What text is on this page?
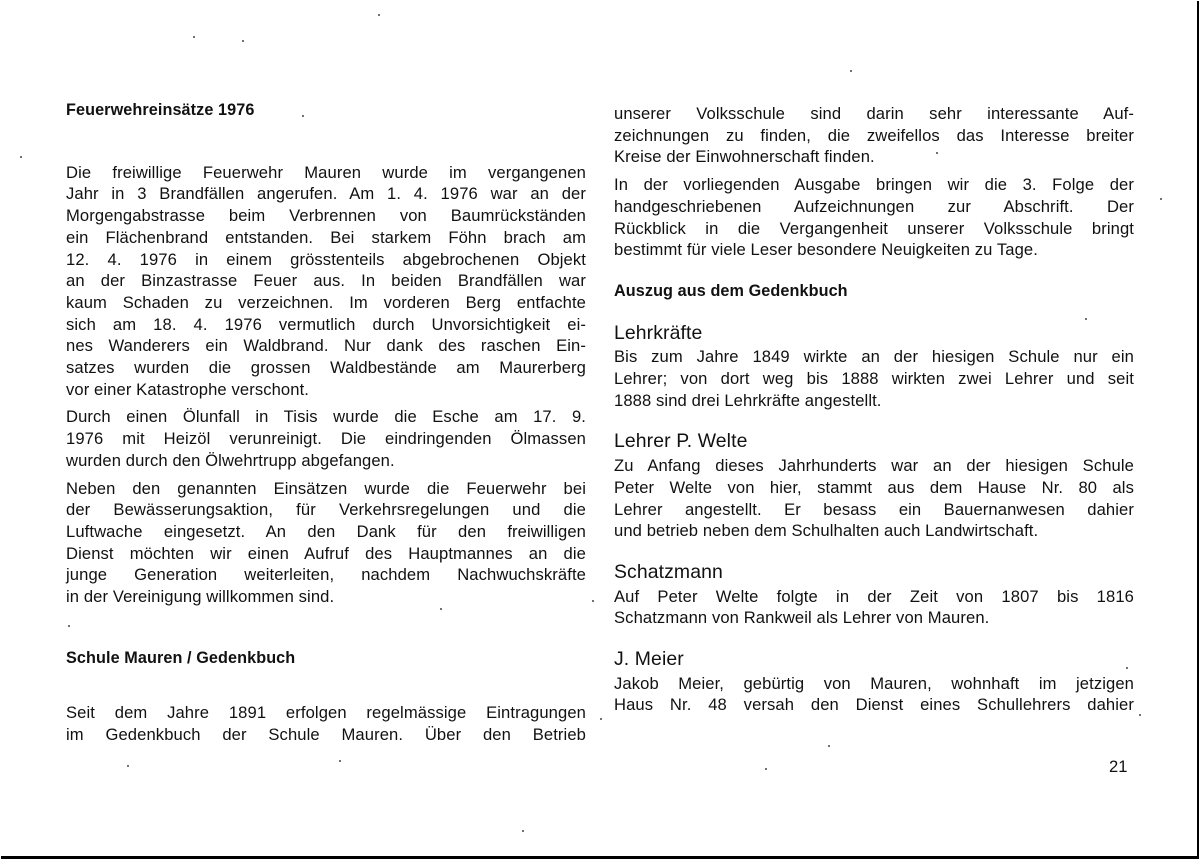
Feuerwehreinsätze 1976

Die freiwillige Feuerwehr Mauren wurde im vergangenen
Jahr in 3 Brandfällen angerufen. Am 1. 4. 1976 war an der
Morgengabstrasse beim Verbrennen von Baumrückständen
ein Flächenbrand entstanden. Bei starkem Föhn brach am
12. 4. 1976 in einem grösstenteils abgebrochenen Objekt
an der Binzastrasse Feuer aus. In beiden Brandfällen war
kaum Schaden zu verzeichnen. Im vorderen Berg entfachte
sich am 18. 4. 1976 vermutlich durch Unvorsichtigkeit ei-
nes Wanderers ein Waldbrand. Nur dank des raschen Ein-
satzes wurden die grossen Waldbestände am Maurerberg
vor einer Katastrophe verschont.

Durch einen Ölunfall in Tisis wurde die Esche am 17. 9.
1976 mit Heizöl verunreinigt. Die eindringenden Ölmassen
wurden durch den Ölwehrtrupp abgefangen.

Neben den genannten Einsätzen wurde die Feuerwehr bei
der Bewässerungsaktion, für Verkehrsregelungen und die
Luftwache eingesetzt. An den Dank für den freiwilligen
Dienst möchten wir einen Aufruf des Hauptmannes an die
junge Generation weiterleiten, nachdem Nachwuchskräfte
in der Vereinigung willkommen sind.

Schule Mauren / Gedenkbuch

Seit dem Jahre 1891 erfolgen regelmässige Eintragungen
im Gedenkbuch der Schule Mauren. Über den Betrieb

unserer Volksschule sind darin sehr interessante Auf-
zeichnungen zu finden, die zweifellos das Interesse breiter
Kreise der Einwohnerschaft finden.

In der vorliegenden Ausgabe bringen wir die 3. Folge der
handgeschriebenen Aufzeichnungen zur Abschrift. Der
Rückblick in die Vergangenheit unserer Volksschule bringt
bestimmt für viele Leser besondere Neuigkeiten zu Tage.

Auszug aus dem Gedenkbuch
Lehrkräfte

Bis zum Jahre 1849 wirkte an der hiesigen Schule nur ein
Lehrer; von dort weg bis 1888 wirkten zwei Lehrer und seit
1888 sind drei Lehrkräfte angestellt.

Lehrer P. Welte

Zu Anfang dieses Jahrhunderts war an der hiesigen Schule
Peter Welte von hier, stammt aus dem Hause Nr. 80 als
Lehrer angestellt. Er besass ein Bauernanwesen dahier
und betrieb neben dem Schulhalten auch Landwirtschaft.

Schatzmann

Auf Peter Welte folgte in der Zeit von 1807 bis 1816
Schatzmann von Rankweil als Lehrer von Mauren.

J. Meier

Jakob Meier, gebürtig von Mauren, wohnhaft im jetzigen
Haus Nr. 48 versah den Dienst eines Schullehrers dahier

21
